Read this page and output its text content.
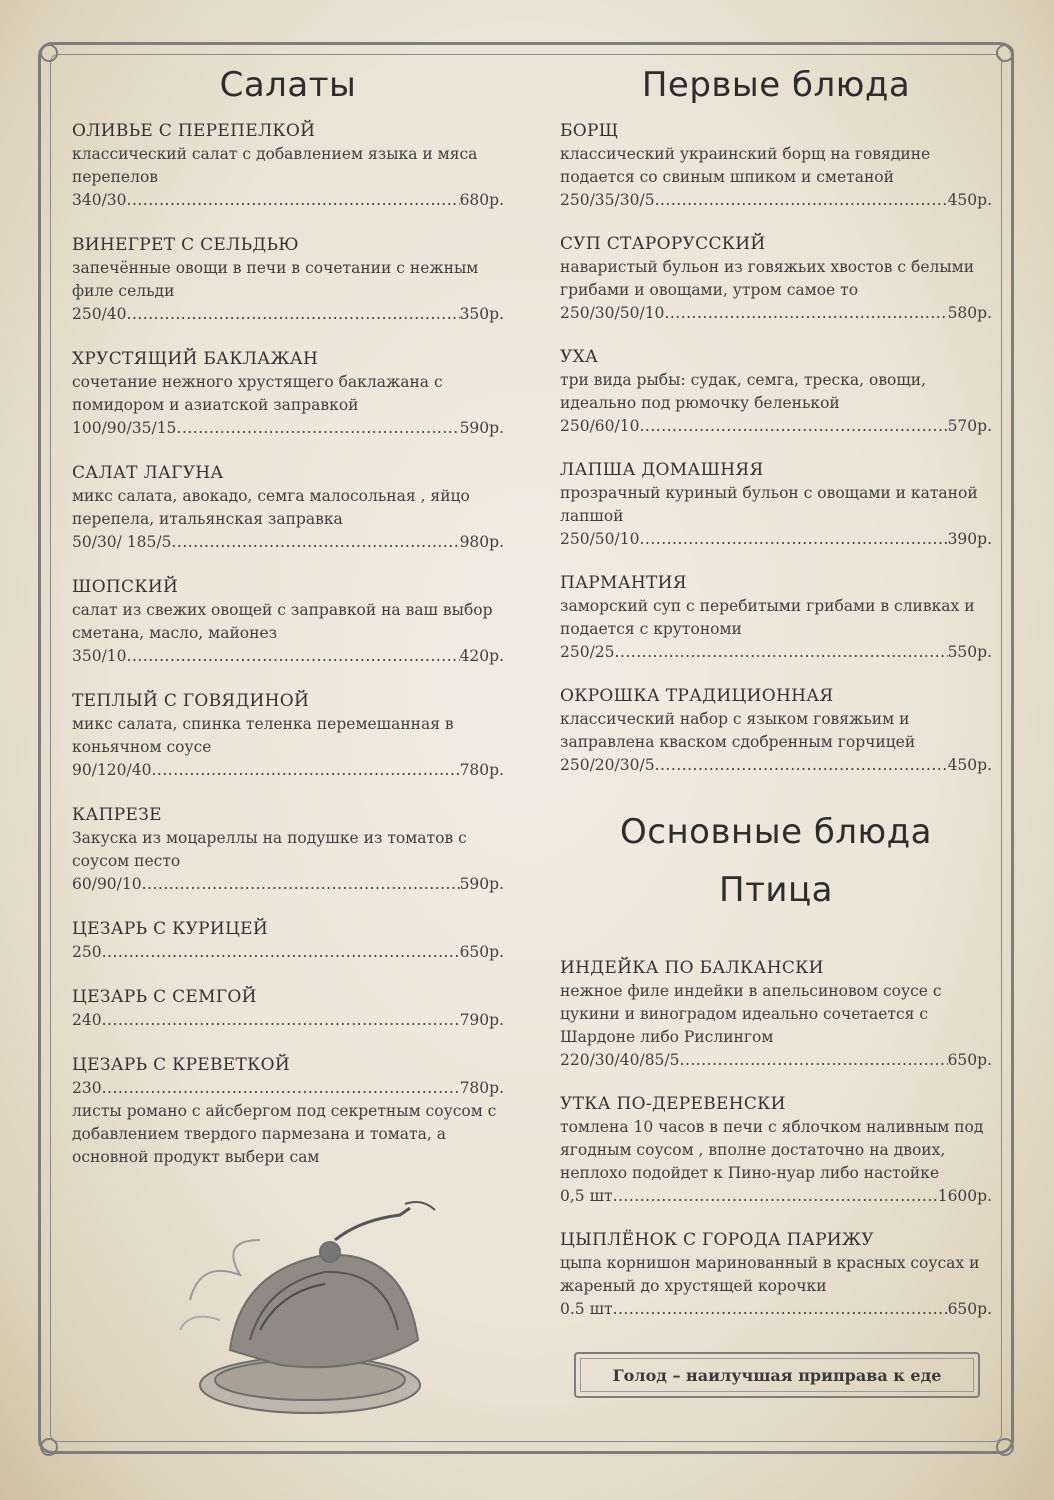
Салаты
ОЛИВЬЕ С ПЕРЕПЕЛКОЙ
классический салат с добавлением языка и мяса
перепелов
340/30 .....	680р.
ВИНЕГРЕТ С СЕЛЬДЬЮ
запечённые овощи в печи в сочетании с нежным
филе сельди
250/40 .....	350р.
ХРУСТЯЩИЙ БАКЛАЖАН
сочетание нежного хрустящего баклажана с
помидором и азиатской заправкой
100/90/35/15 .....	590р.
САЛАТ ЛАГУНА
микс салата, авокадо, семга малосольная , яйцо
перепела, итальянская заправка
50/30/ 185/5 .....	980р.
ШОПСКИЙ
салат из свежих овощей с заправкой на ваш выбор
сметана, масло, майонез
350/10 .....	420р.
ТЕПЛЫЙ С ГОВЯДИНОЙ
микс салата, спинка теленка перемешанная в
коньячном соусе
90/120/40 .....	780р.
КАПРЕЗЕ
Закуска из моцареллы на подушке из томатов с
соусом песто
60/90/10 .....	590р.
ЦЕЗАРЬ С КУРИЦЕЙ
250 .....	650р.
ЦЕЗАРЬ С СЕМГОЙ
240 .....	790р.
ЦЕЗАРЬ С КРЕВЕТКОЙ
230 .....	780р.
листы романо с айсбергом под секретным соусом с
добавлением твердого пармезана и томата, а
основной продукт выбери сам
Первые блюда
БОРЩ
классический украинский борщ на говядине
подается со свиным шпиком и сметаной
250/35/30/5 .....	450р.
СУП СТАРОРУССКИЙ
наваристый бульон из говяжьих хвостов с белыми
грибами и овощами, утром самое то
250/30/50/10 .....	580р.
УХА
три вида рыбы: судак, семга, треска, овощи,
идеально под рюмочку беленькой
250/60/10 .....	570р.
ЛАПША ДОМАШНЯЯ
прозрачный куриный бульон с овощами и катаной
лапшой
250/50/10 .....	390р.
ПАРМАНТИЯ
заморский суп с перебитыми грибами в сливках и
подается с крутономи
250/25 .....	550р.
ОКРОШКА ТРАДИЦИОННАЯ
классический набор с языком говяжьим и
заправлена кваском сдобренным горчицей
250/20/30/5 .....	450р.
Основные блюда
Птица
ИНДЕЙКА ПО БАЛКАНСКИ
нежное филе индейки в апельсиновом соусе с
цукини и виноградом идеально сочетается с
Шардоне либо Рислингом
220/30/40/85/5 .....	650р.
УТКА ПО-ДЕРЕВЕНСКИ
томлена 10 часов в печи с яблочком наливным под
ягодным соусом , вполне достаточно на двоих,
неплохо подойдет к Пино-нуар либо настойке
0,5 шт .....	1600р.
ЦЫПЛЁНОК С ГОРОДА ПАРИЖУ
цыпа корнишон маринованный в красных соусах и
жареный до хрустящей корочки
0.5 шт .....	650р.
Голод – наилучшая приправа к еде
